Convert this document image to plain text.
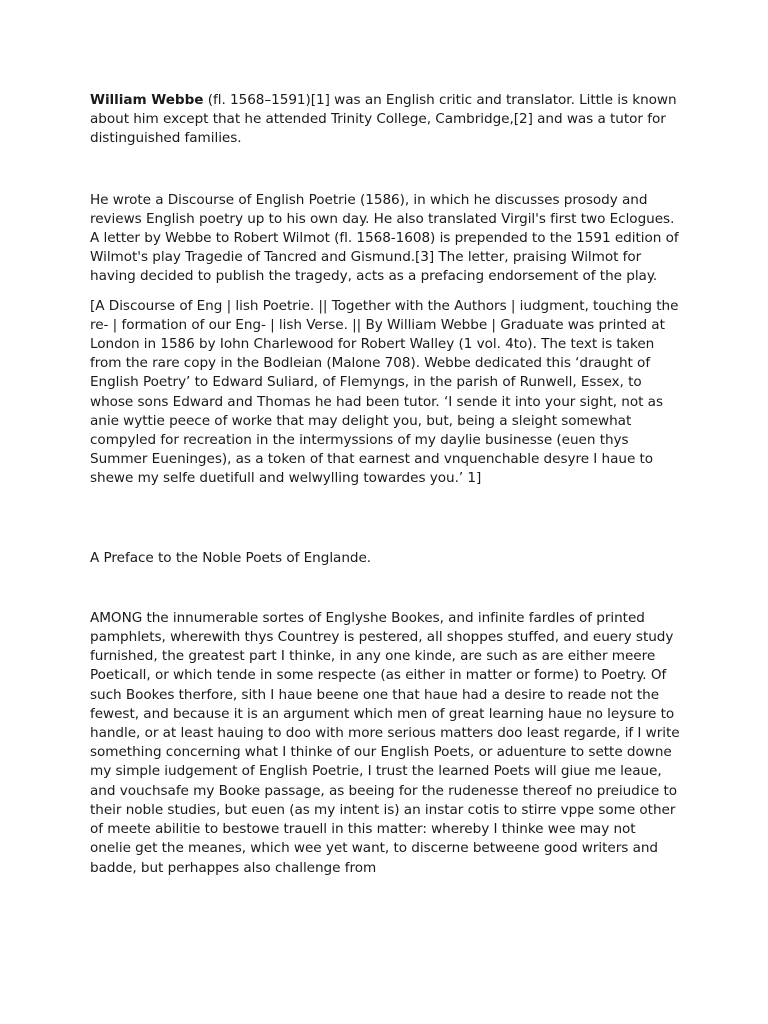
William Webbe (fl. 1568–1591)[1] was an English critic and translator. Little is known about him except that he attended Trinity College, Cambridge,[2] and was a tutor for distinguished families.

He wrote a Discourse of English Poetrie (1586), in which he discusses prosody and reviews English poetry up to his own day. He also translated Virgil's first two Eclogues. A letter by Webbe to Robert Wilmot (fl. 1568-1608) is prepended to the 1591 edition of Wilmot's play Tragedie of Tancred and Gismund.[3] The letter, praising Wilmot for having decided to publish the tragedy, acts as a prefacing endorsement of the play.

[A Discourse of Eng | lish Poetrie. || Together with the Authors | iudgment, touching the re- | formation of our Eng- | lish Verse. || By William Webbe | Graduate was printed at London in 1586 by Iohn Charlewood for Robert Walley (1 vol. 4to). The text is taken from the rare copy in the Bodleian (Malone 708). Webbe dedicated this ‘draught of English Poetry’ to Edward Suliard, of Flemyngs, in the parish of Runwell, Essex, to whose sons Edward and Thomas he had been tutor. ‘I sende it into your sight, not as anie wyttie peece of worke that may delight you, but, being a sleight somewhat compyled for recreation in the intermyssions of my daylie businesse (euen thys Summer Eueninges), as a token of that earnest and vnquenchable desyre I haue to shewe my selfe duetifull and welwylling towardes you.’ 1]

A Preface to the Noble Poets of Englande.

AMONG the innumerable sortes of Englyshe Bookes, and infinite fardles of printed pamphlets, wherewith thys Countrey is pestered, all shoppes stuffed, and euery study furnished, the greatest part I thinke, in any one kinde, are such as are either meere Poeticall, or which tende in some respecte (as either in matter or forme) to Poetry. Of such Bookes therfore, sith I haue beene one that haue had a desire to reade not the fewest, and because it is an argument which men of great learning haue no leysure to handle, or at least hauing to doo with more serious matters doo least regarde, if I write something concerning what I thinke of our English Poets, or aduenture to sette downe my simple iudgement of English Poetrie, I trust the learned Poets will giue me leaue, and vouchsafe my Booke passage, as beeing for the rudenesse thereof no preiudice to their noble studies, but euen (as my intent is) an instar cotis to stirre vppe some other of meete abilitie to bestowe trauell in this matter: whereby I thinke wee may not onelie get the meanes, which wee yet want, to discerne betweene good writers and badde, but perhappes also challenge from
